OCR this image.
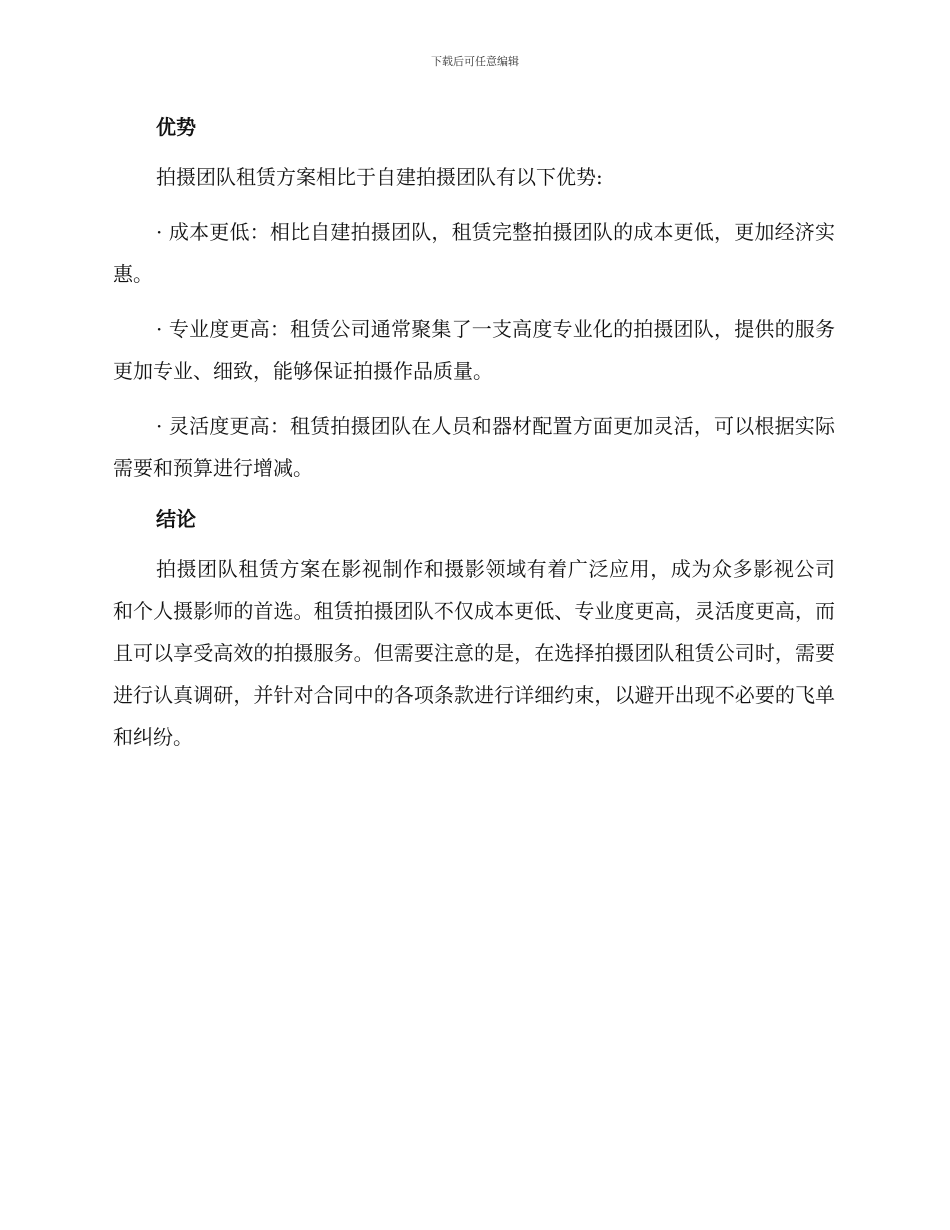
下载后可任意编辑
优势

拍摄团队租赁方案相比于自建拍摄团队有以下优势:

· 成本更低：相比自建拍摄团队，租赁完整拍摄团队的成本更低，更加经济实惠。

· 专业度更高：租赁公司通常聚集了一支高度专业化的拍摄团队，提供的服务更加专业、细致，能够保证拍摄作品质量。

· 灵活度更高：租赁拍摄团队在人员和器材配置方面更加灵活，可以根据实际需要和预算进行增减。

结论

拍摄团队租赁方案在影视制作和摄影领域有着广泛应用，成为众多影视公司和个人摄影师的首选。租赁拍摄团队不仅成本更低、专业度更高，灵活度更高，而且可以享受高效的拍摄服务。但需要注意的是，在选择拍摄团队租赁公司时，需要进行认真调研，并针对合同中的各项条款进行详细约束，以避开出现不必要的飞单和纠纷。
